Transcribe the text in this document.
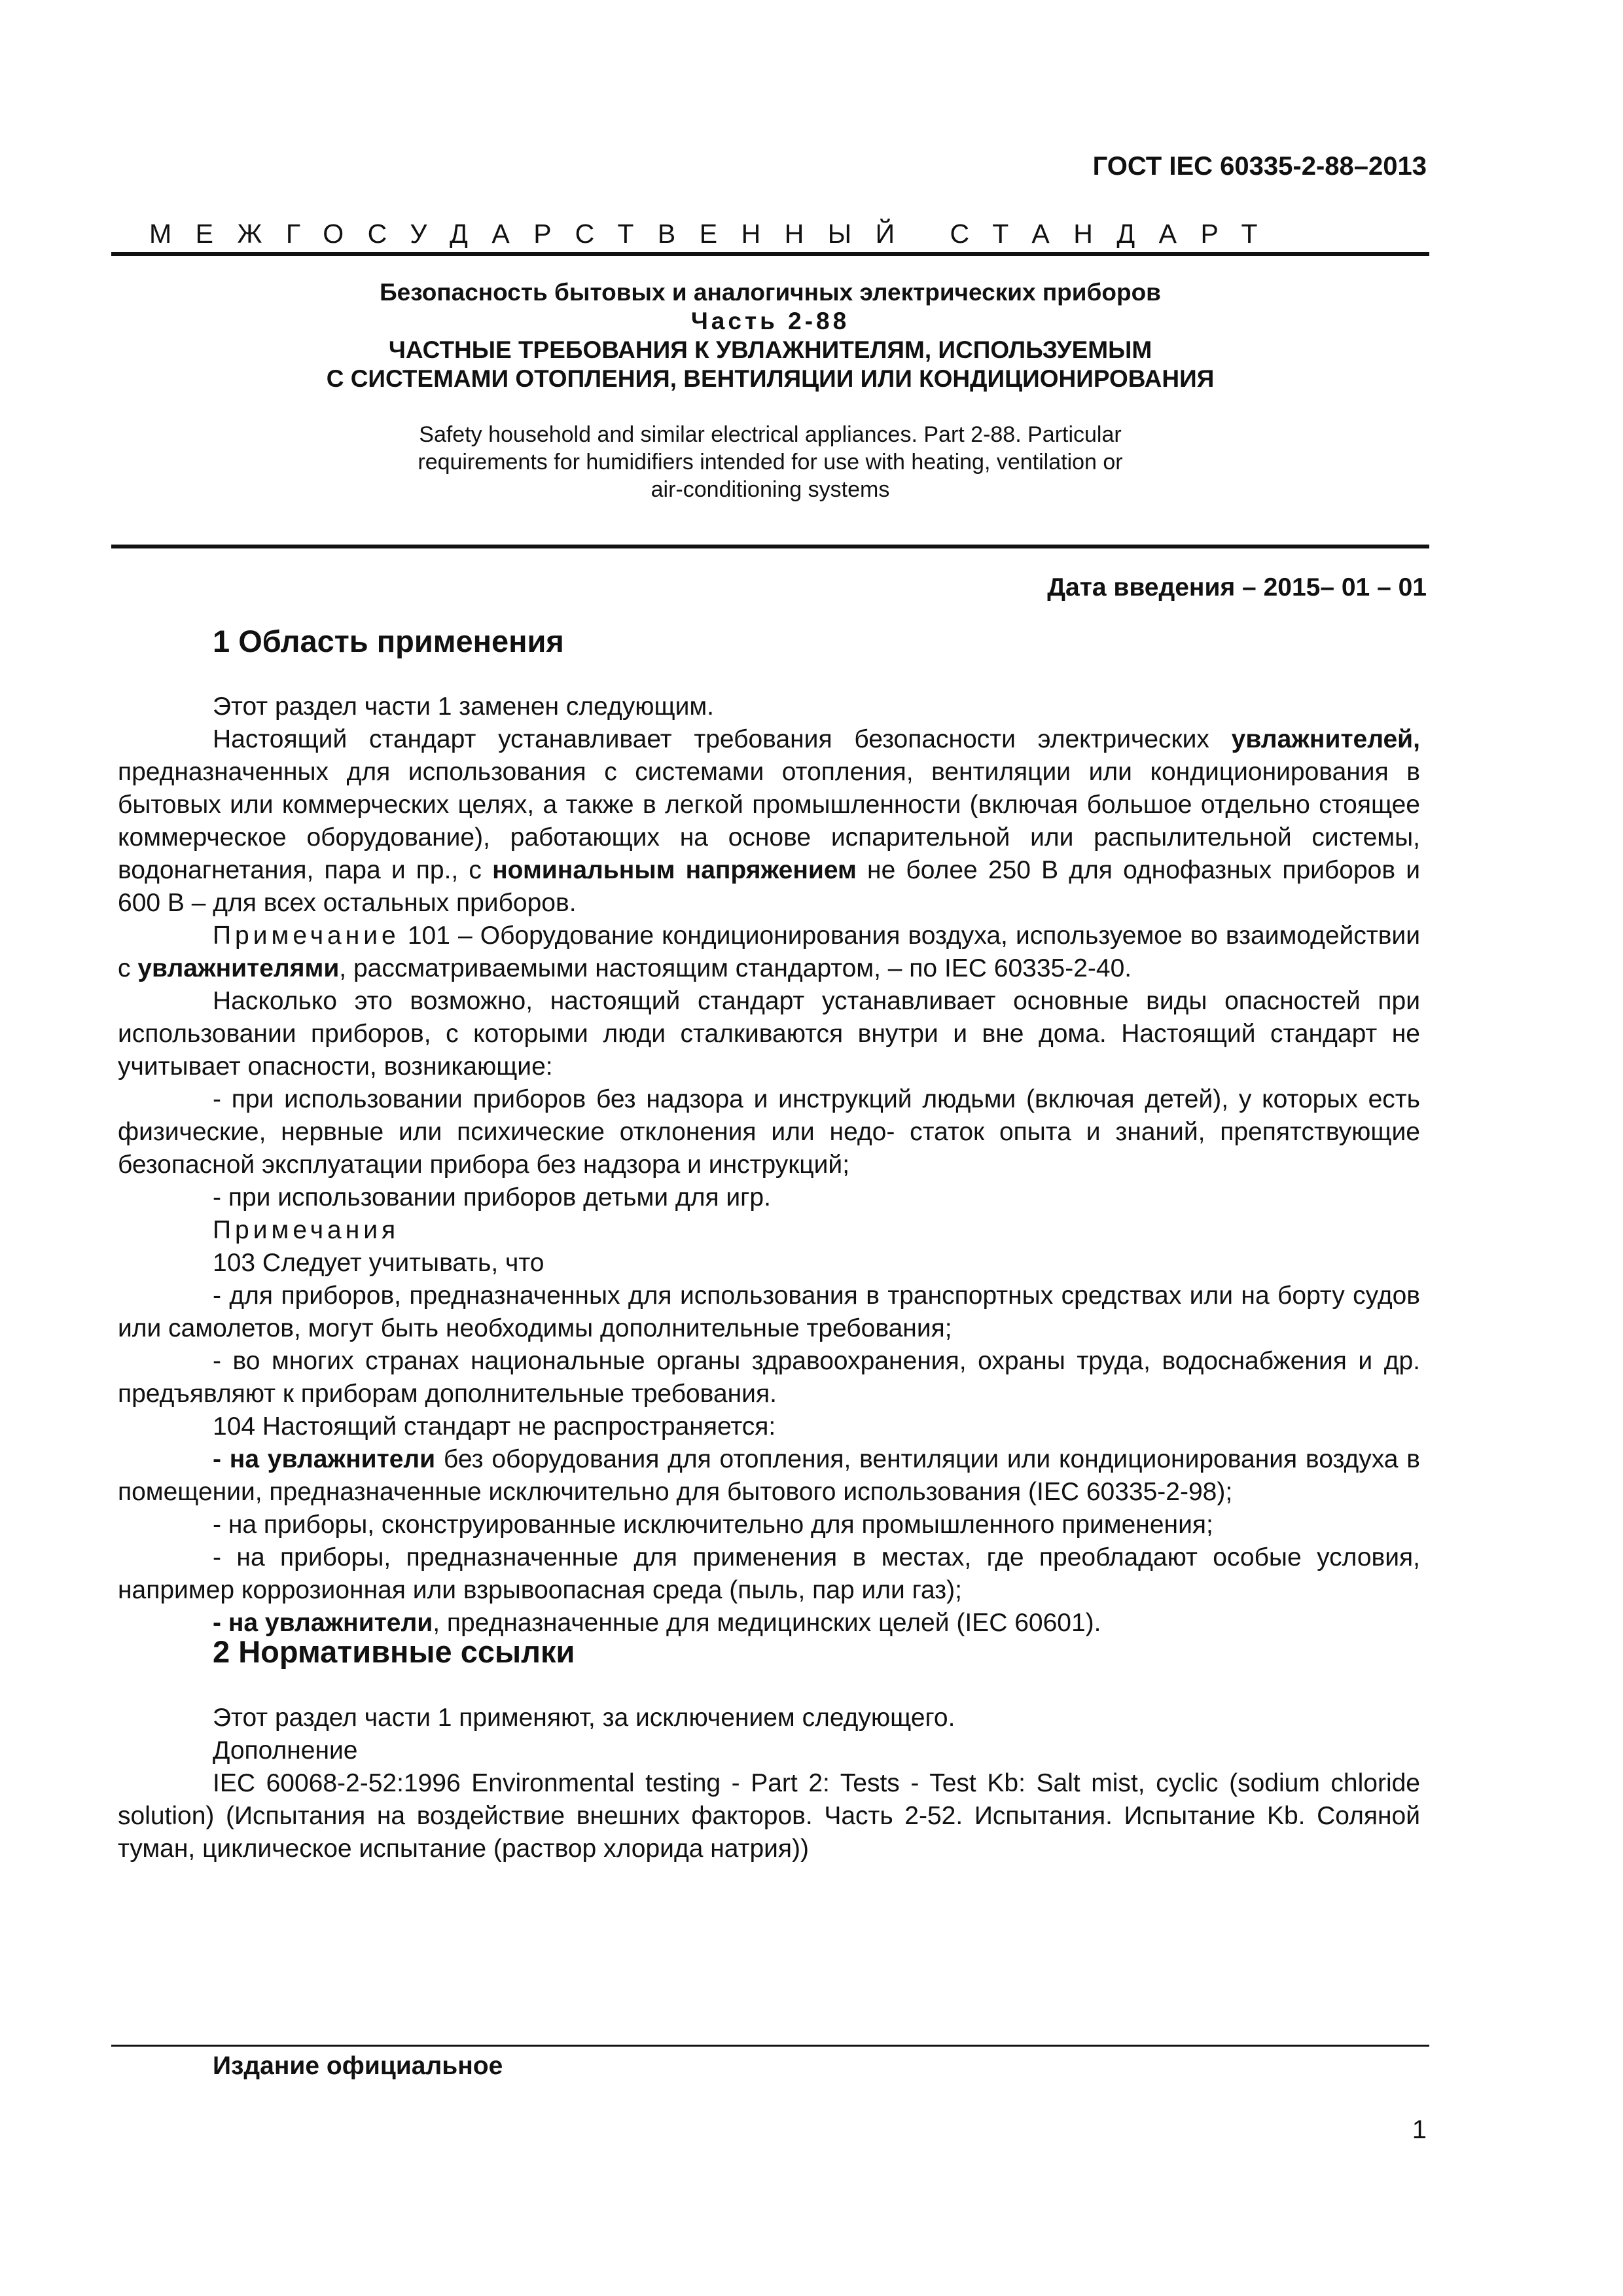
ГОСТ IEC 60335-2-88–2013
МЕЖГОСУДАРСТВЕННЫЙ СТАНДАРТ
Безопасность бытовых и аналогичных электрических приборов
Часть 2-88
ЧАСТНЫЕ ТРЕБОВАНИЯ К УВЛАЖНИТЕЛЯМ, ИСПОЛЬЗУЕМЫМ
С СИСТЕМАМИ ОТОПЛЕНИЯ, ВЕНТИЛЯЦИИ ИЛИ КОНДИЦИОНИРОВАНИЯ
Safety household and similar electrical appliances. Part 2-88. Particular
requirements for humidifiers intended for use with heating, ventilation or
air-conditioning systems
Дата введения – 2015– 01 – 01
1 Область применения

Этот раздел части 1 заменен следующим.

Настоящий стандарт устанавливает требования безопасности электрических увлажнителей, предназначенных для использования с системами отопления, вентиляции или кондиционирования в бытовых или коммерческих целях, а также в легкой промышленности (включая большое отдельно стоящее коммерческое оборудование), работающих на основе испарительной или распылительной системы, водонагнетания, пара и пр., с номинальным напряжением не более 250 В для однофазных приборов и 600 В – для всех остальных приборов.

Примечание 101 – Оборудование кондиционирования воздуха, используемое во взаимодействии с увлажнителями, рассматриваемыми настоящим стандартом, – по IEC 60335-2-40.

Насколько это возможно, настоящий стандарт устанавливает основные виды опасностей при использовании приборов, с которыми люди сталкиваются внутри и вне дома. Настоящий стандарт не учитывает опасности, возникающие:

- при использовании приборов без надзора и инструкций людьми (включая детей), у которых есть физические, нервные или психические отклонения или недо- статок опыта и знаний, препятствующие безопасной эксплуатации прибора без надзора и инструкций;

- при использовании приборов детьми для игр.

Примечания

103 Следует учитывать, что

- для приборов, предназначенных для использования в транспортных средствах или на борту судов или самолетов, могут быть необходимы дополнительные требования;

- во многих странах национальные органы здравоохранения, охраны труда, водоснабжения и др. предъявляют к приборам дополнительные требования.

104 Настоящий стандарт не распространяется:

- на увлажнители без оборудования для отопления, вентиляции или кондиционирования воздуха в помещении, предназначенные исключительно для бытового использования (IEC 60335-2-98);

- на приборы, сконструированные исключительно для промышленного применения;

- на приборы, предназначенные для применения в местах, где преобладают особые условия, например коррозионная или взрывоопасная среда (пыль, пар или газ);

- на увлажнители, предназначенные для медицинских целей (IEC 60601).

2 Нормативные ссылки

Этот раздел части 1 применяют, за исключением следующего.

Дополнение

IEC 60068-2-52:1996 Environmental testing - Part 2: Tests - Test Kb: Salt mist, cyclic (sodium chloride solution) (Испытания на воздействие внешних факторов. Часть 2-52. Испытания. Испытание Kb. Соляной туман, циклическое испытание (раствор хлорида натрия))

Издание официальное
1
